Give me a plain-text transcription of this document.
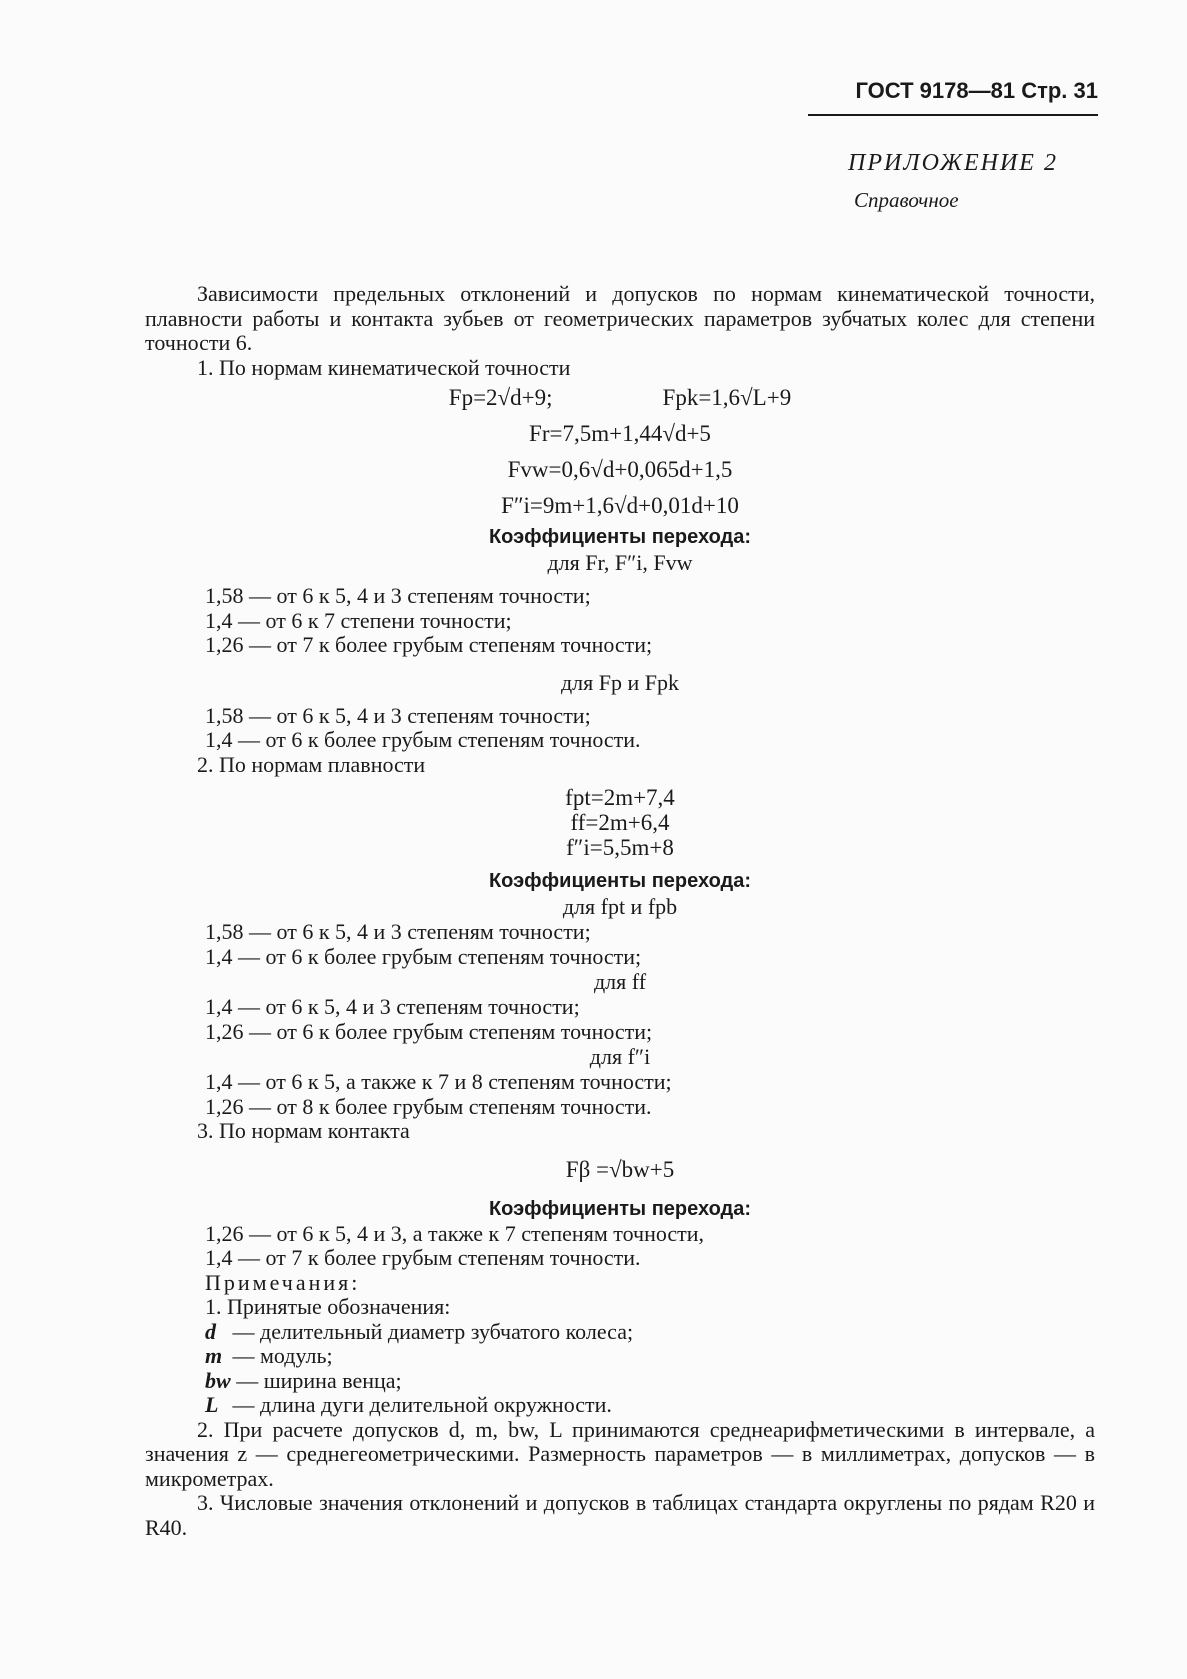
ГОСТ 9178—81 Стр. 31
ПРИЛОЖЕНИЕ 2
Справочное

Зависимости предельных отклонений и допусков по нормам кинематической точности, плавности работы и контакта зубьев от геометрических параметров зубчатых колес для степени точности 6.

1. По нормам кинематической точности

Fp=2√d+9;	Fpk=1,6√L+9

Fr=7,5m+1,44√d+5

Fvw=0,6√d+0,065d+1,5

F″i=9m+1,6√d+0,01d+10

Коэффициенты перехода:

для Fr, F″i, Fvw

1,58 — от 6 к 5, 4 и 3 степеням точности;

1,4 — от 6 к 7 степени точности;

1,26 — от 7 к более грубым степеням точности;

для Fp и Fpk

1,58 — от 6 к 5, 4 и 3 степеням точности;

1,4 — от 6 к более грубым степеням точности.

2. По нормам плавности

fpt=2m+7,4

ff=2m+6,4

f″i=5,5m+8

Коэффициенты перехода:

для fpt и fpb

1,58 — от 6 к 5, 4 и 3 степеням точности;

1,4 — от 6 к более грубым степеням точности;

для ff

1,4 — от 6 к 5, 4 и 3 степеням точности;

1,26 — от 6 к более грубым степеням точности;

для f″i

1,4 — от 6 к 5, а также к 7 и 8 степеням точности;

1,26 — от 8 к более грубым степеням точности.

3. По нормам контакта

Fβ =√bw+5

Коэффициенты перехода:

1,26 — от 6 к 5, 4 и 3, а также к 7 степеням точности,

1,4 — от 7 к более грубым степеням точности.

Примечания:

1. Принятые обозначения:

d — делительный диаметр зубчатого колеса;

m — модуль;

bw — ширина венца;

L — длина дуги делительной окружности.

2. При расчете допусков d, m, bw, L принимаются среднеарифметическими в интервале, а значения z — среднегеометрическими. Размерность параметров — в миллиметрах, допусков — в микрометрах.

3. Числовые значения отклонений и допусков в таблицах стандарта округлены по рядам R20 и R40.
